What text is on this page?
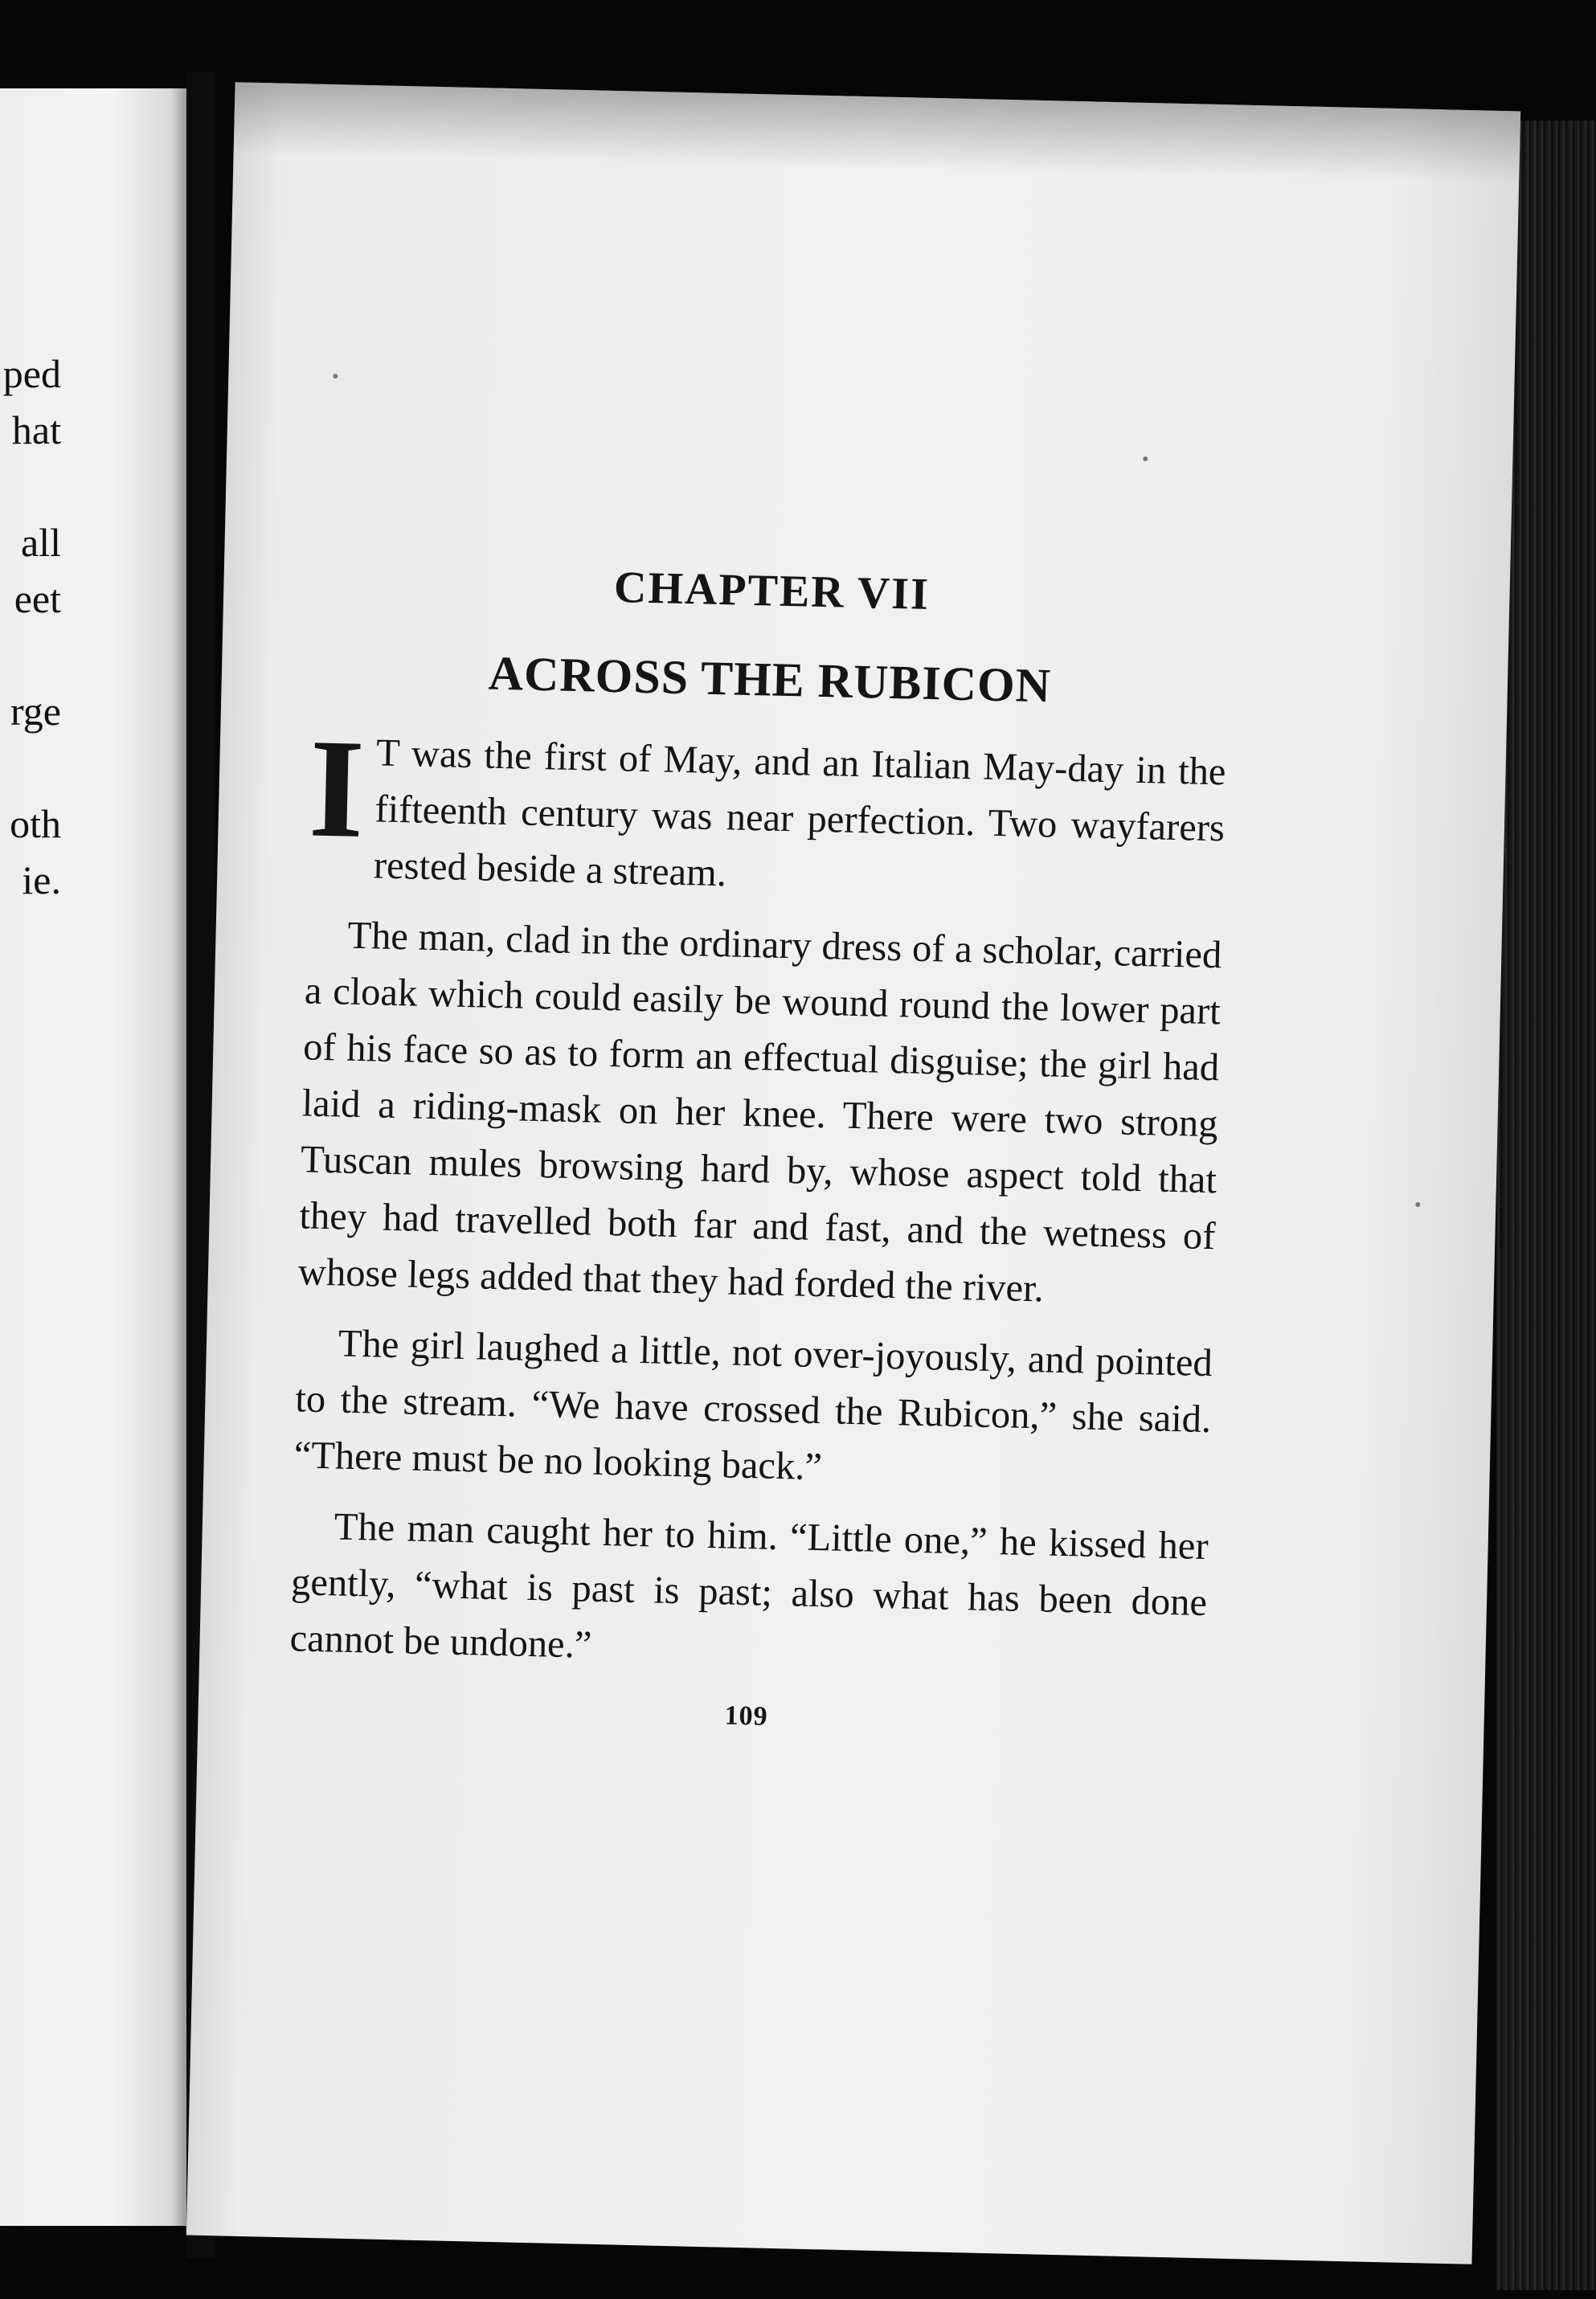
ped
hat
all
eet
rge
oth
ie.
CHAPTER VII
ACROSS THE RUBICON

I T was the first of May, and an Italian May-day in the fifteenth century was near perfection. Two wayfarers rested beside a stream.

The man, clad in the ordinary dress of a scholar, carried a cloak which could easily be wound round the lower part of his face so as to form an effectual disguise; the girl had laid a riding-mask on her knee. There were two strong Tuscan mules browsing hard by, whose aspect told that they had travelled both far and fast, and the wetness of whose legs added that they had forded the river.

The girl laughed a little, not over-joyously, and pointed to the stream. “We have crossed the Rubicon,” she said. “There must be no looking back.”

The man caught her to him. “Little one,” he kissed her gently, “what is past is past; also what has been done cannot be undone.”

109
